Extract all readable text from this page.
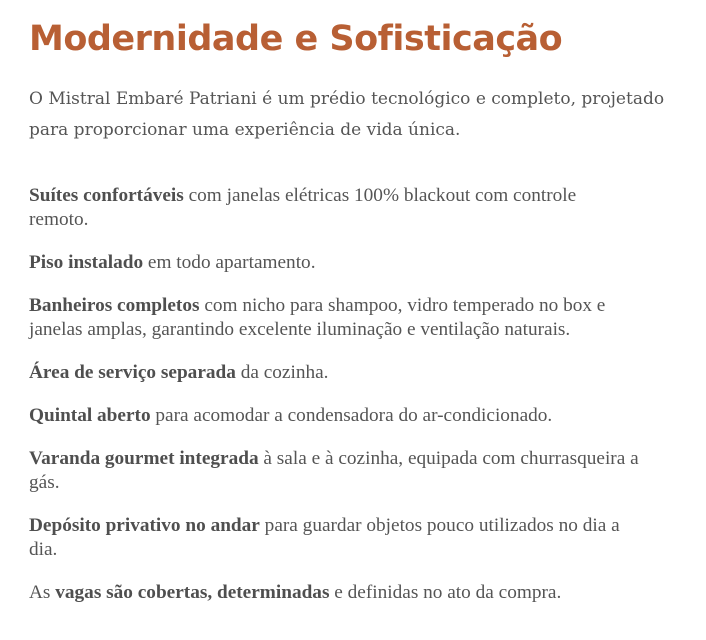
Modernidade e Sofisticação

O Mistral Embaré Patriani é um prédio tecnológico e completo, projetado para proporcionar uma experiência de vida única.

Suítes confortáveis com janelas elétricas 100% blackout com controle remoto.
Piso instalado em todo apartamento.
Banheiros completos com nicho para shampoo, vidro temperado no box e janelas amplas, garantindo excelente iluminação e ventilação naturais.
Área de serviço separada da cozinha.
Quintal aberto para acomodar a condensadora do ar-condicionado.
Varanda gourmet integrada à sala e à cozinha, equipada com churrasqueira a gás.
Depósito privativo no andar para guardar objetos pouco utilizados no dia a dia.
As vagas são cobertas, determinadas e definidas no ato da compra.
